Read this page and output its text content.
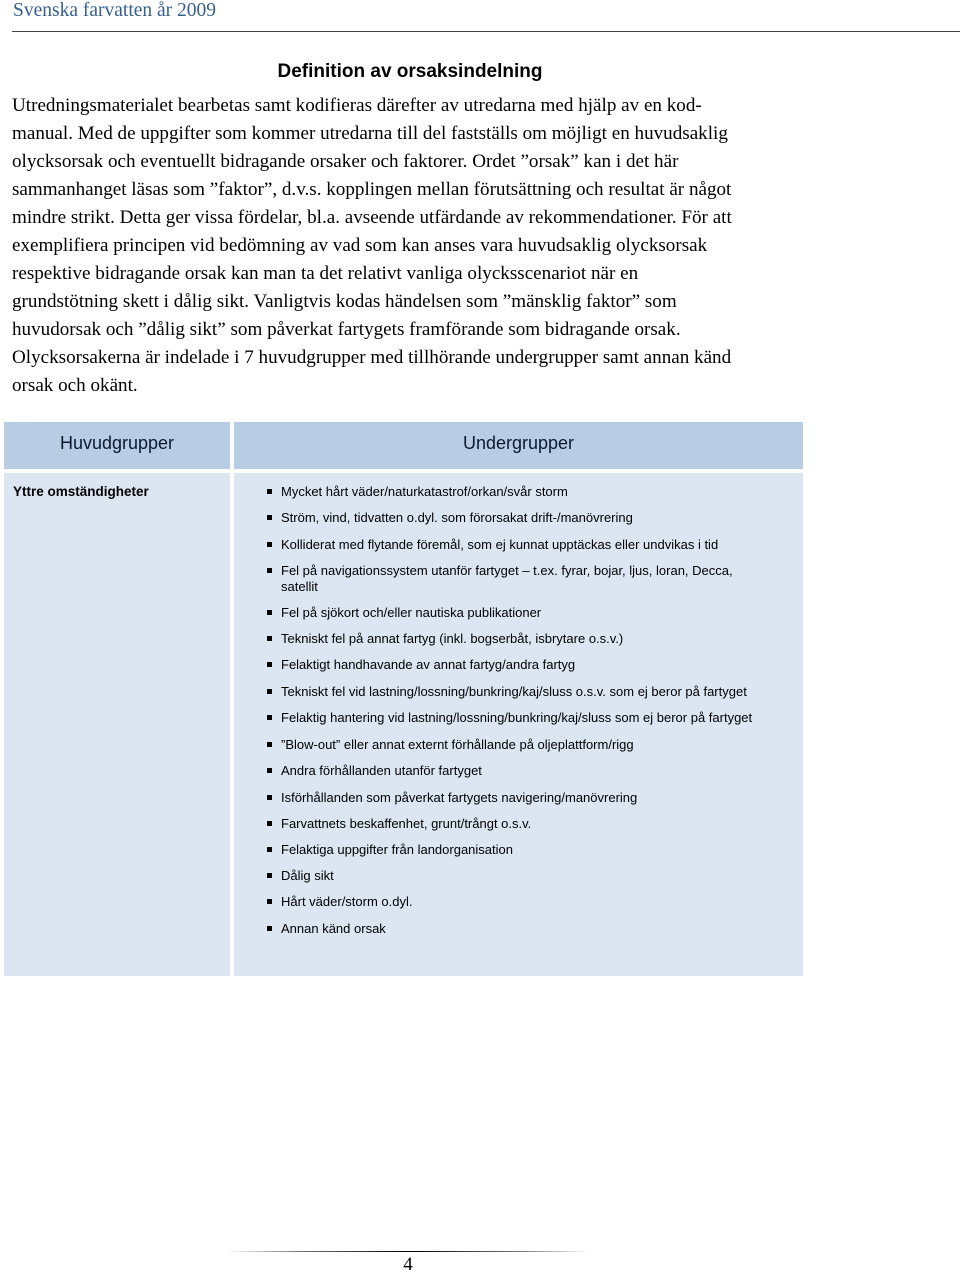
Svenska farvatten år 2009
Definition av orsaksindelning

Utredningsmaterialet bearbetas samt kodifieras därefter av utredarna med hjälp av en kod-
manual. Med de uppgifter som kommer utredarna till del fastställs om möjligt en huvudsaklig
olycksorsak och eventuellt bidragande orsaker och faktorer. Ordet ”orsak” kan i det här
sammanhanget läsas som ”faktor”, d.v.s. kopplingen mellan förutsättning och resultat är något
mindre strikt. Detta ger vissa fördelar, bl.a. avseende utfärdande av rekommendationer. För att
exemplifiera principen vid bedömning av vad som kan anses vara huvudsaklig olycksorsak
respektive bidragande orsak kan man ta det relativt vanliga olycksscenariot när en
grundstötning skett i dålig sikt. Vanligtvis kodas händelsen som ”mänsklig faktor” som
huvudorsak och ”dålig sikt” som påverkat fartygets framförande som bidragande orsak.
Olycksorsakerna är indelade i 7 huvudgrupper med tillhörande undergrupper samt annan känd
orsak och okänt.

Huvudgrupper	Undergrupper
Yttre omständigheter	Mycket hårt väder/naturkatastrof/orkan/svår storm
Ström, vind, tidvatten o.dyl. som förorsakat drift-/manövrering
Kolliderat med flytande föremål, som ej kunnat upptäckas eller undvikas i tid
Fel på navigationssystem utanför fartyget – t.ex. fyrar, bojar, ljus, loran, Decca, satellit
Fel på sjökort och/eller nautiska publikationer
Tekniskt fel på annat fartyg (inkl. bogserbåt, isbrytare o.s.v.)
Felaktigt handhavande av annat fartyg/andra fartyg
Tekniskt fel vid lastning/lossning/bunkring/kaj/sluss o.s.v. som ej beror på fartyget
Felaktig hantering vid lastning/lossning/bunkring/kaj/sluss som ej beror på fartyget
”Blow-out” eller annat externt förhållande på oljeplattform/rigg
Andra förhållanden utanför fartyget
Isförhållanden som påverkat fartygets navigering/manövrering
Farvattnets beskaffenhet, grunt/trångt o.s.v.
Felaktiga uppgifter från landorganisation
Dålig sikt
Hårt väder/storm o.dyl.
Annan känd orsak
4
